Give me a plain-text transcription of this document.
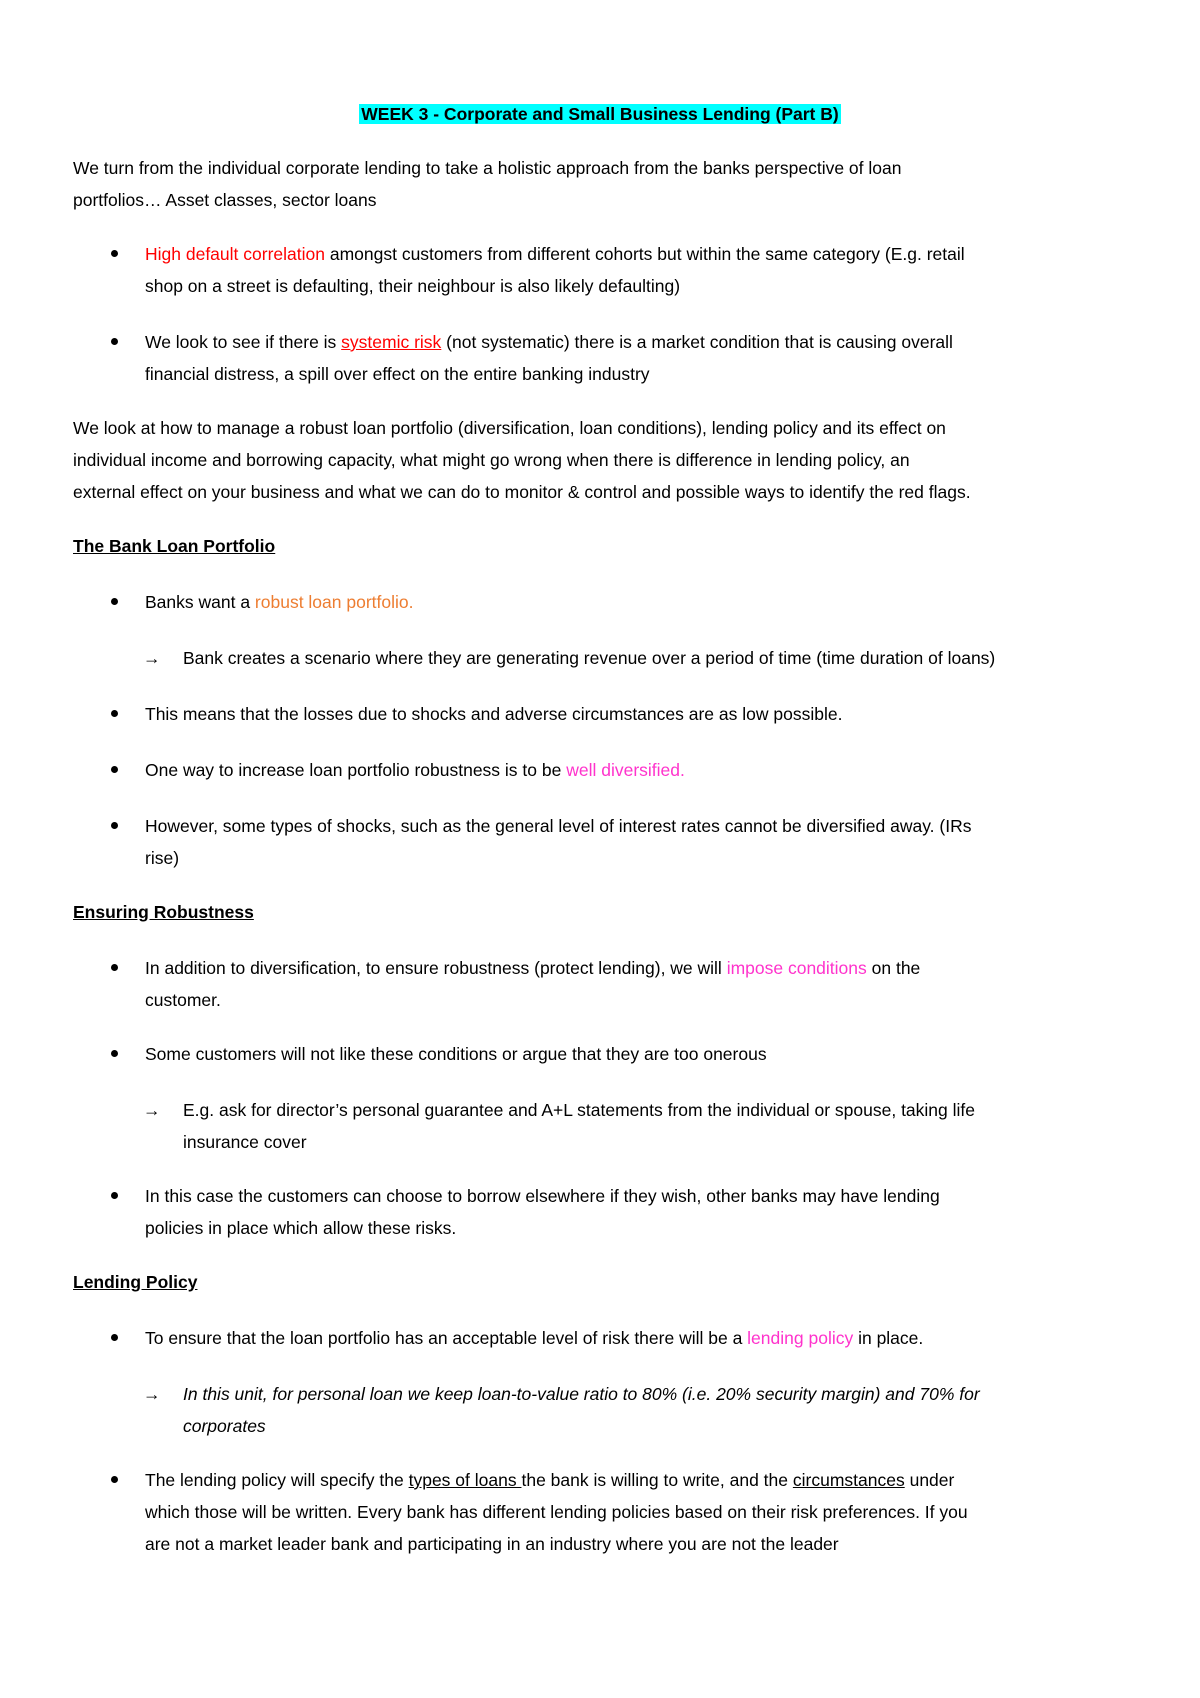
WEEK 3 - Corporate and Small Business Lending (Part B)
We turn from the individual corporate lending to take a holistic approach from the banks perspective of loan
portfolios… Asset classes, sector loans
High default correlation amongst customers from different cohorts but within the same category (E.g. retail
shop on a street is defaulting, their neighbour is also likely defaulting)
We look to see if there is systemic risk (not systematic) there is a market condition that is causing overall
financial distress, a spill over effect on the entire banking industry
We look at how to manage a robust loan portfolio (diversification, loan conditions), lending policy and its effect on
individual income and borrowing capacity, what might go wrong when there is difference in lending policy, an
external effect on your business and what we can do to monitor & control and possible ways to identify the red flags.
The Bank Loan Portfolio
Banks want a robust loan portfolio.
→ Bank creates a scenario where they are generating revenue over a period of time (time duration of loans)
This means that the losses due to shocks and adverse circumstances are as low possible.
One way to increase loan portfolio robustness is to be well diversified.
However, some types of shocks, such as the general level of interest rates cannot be diversified away. (IRs
rise)
Ensuring Robustness
In addition to diversification, to ensure robustness (protect lending), we will impose conditions on the
customer.
Some customers will not like these conditions or argue that they are too onerous
→ E.g. ask for director’s personal guarantee and A+L statements from the individual or spouse, taking life
insurance cover
In this case the customers can choose to borrow elsewhere if they wish, other banks may have lending
policies in place which allow these risks.
Lending Policy
To ensure that the loan portfolio has an acceptable level of risk there will be a lending policy in place.
→ In this unit, for personal loan we keep loan-to-value ratio to 80% (i.e. 20% security margin) and 70% for
corporates
The lending policy will specify the types of loans the bank is willing to write, and the circumstances under
which those will be written. Every bank has different lending policies based on their risk preferences. If you
are not a market leader bank and participating in an industry where you are not the leader
